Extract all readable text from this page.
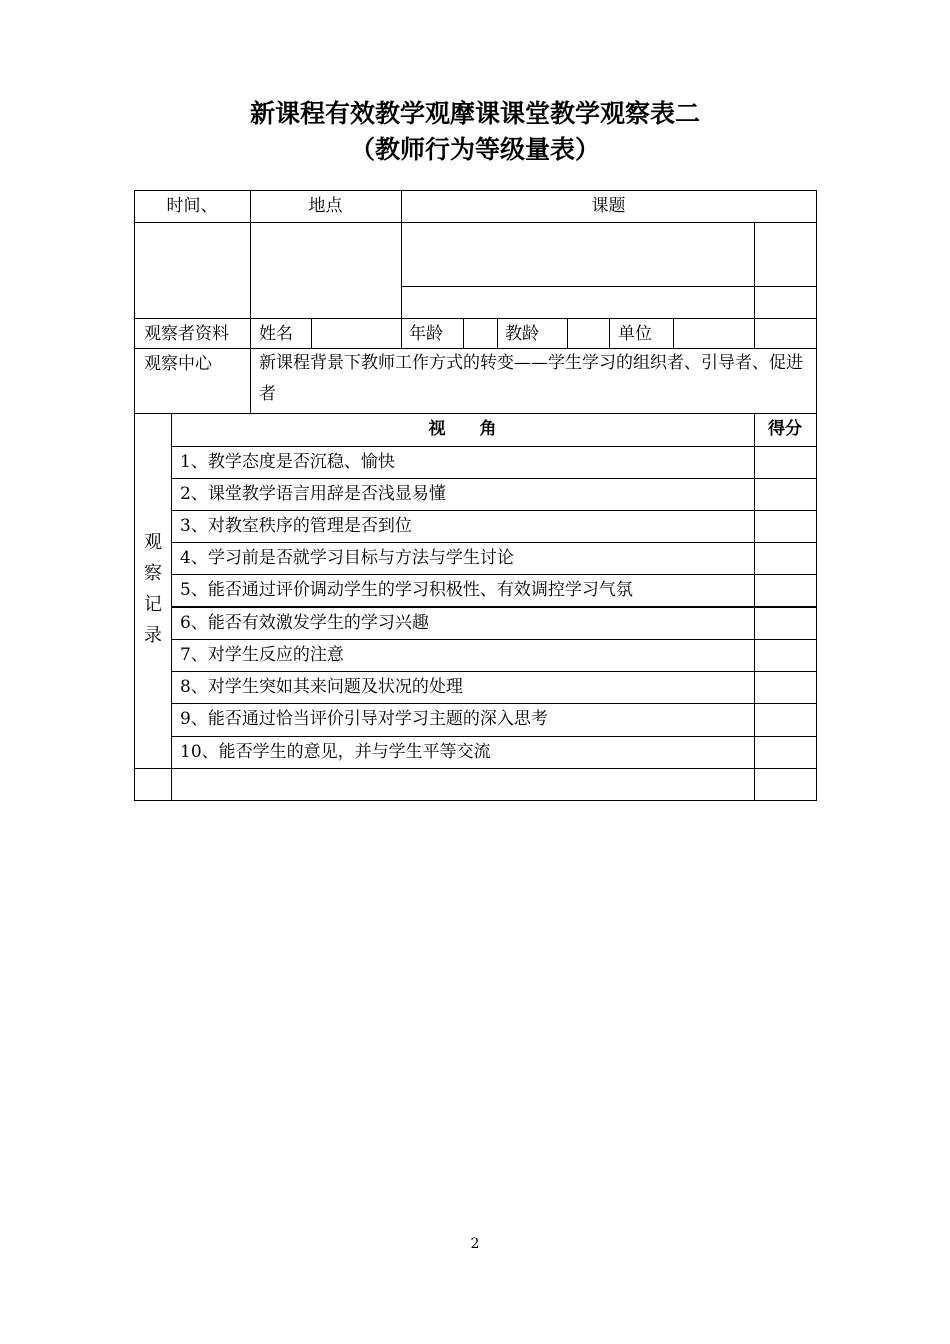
新课程有效教学观摩课课堂教学观察表二
（教师行为等级量表）
时间、	地点	课题
观察者资料 姓名	年龄	教龄	单位
观察中心	新课程背景下教师工作方式的转变——学生学习的组织者、引导者、促进者
观
察
记
录
视　　角	得分
1、教学态度是否沉稳、愉快
2、课堂教学语言用辞是否浅显易懂
3、对教室秩序的管理是否到位
4、学习前是否就学习目标与方法与学生讨论
5、能否通过评价调动学生的学习积极性、有效调控学习气氛
6、能否有效激发学生的学习兴趣
7、对学生反应的注意
8、对学生突如其来问题及状况的处理
9、能否通过恰当评价引导对学习主题的深入思考
10、能否学生的意见，并与学生平等交流
2
